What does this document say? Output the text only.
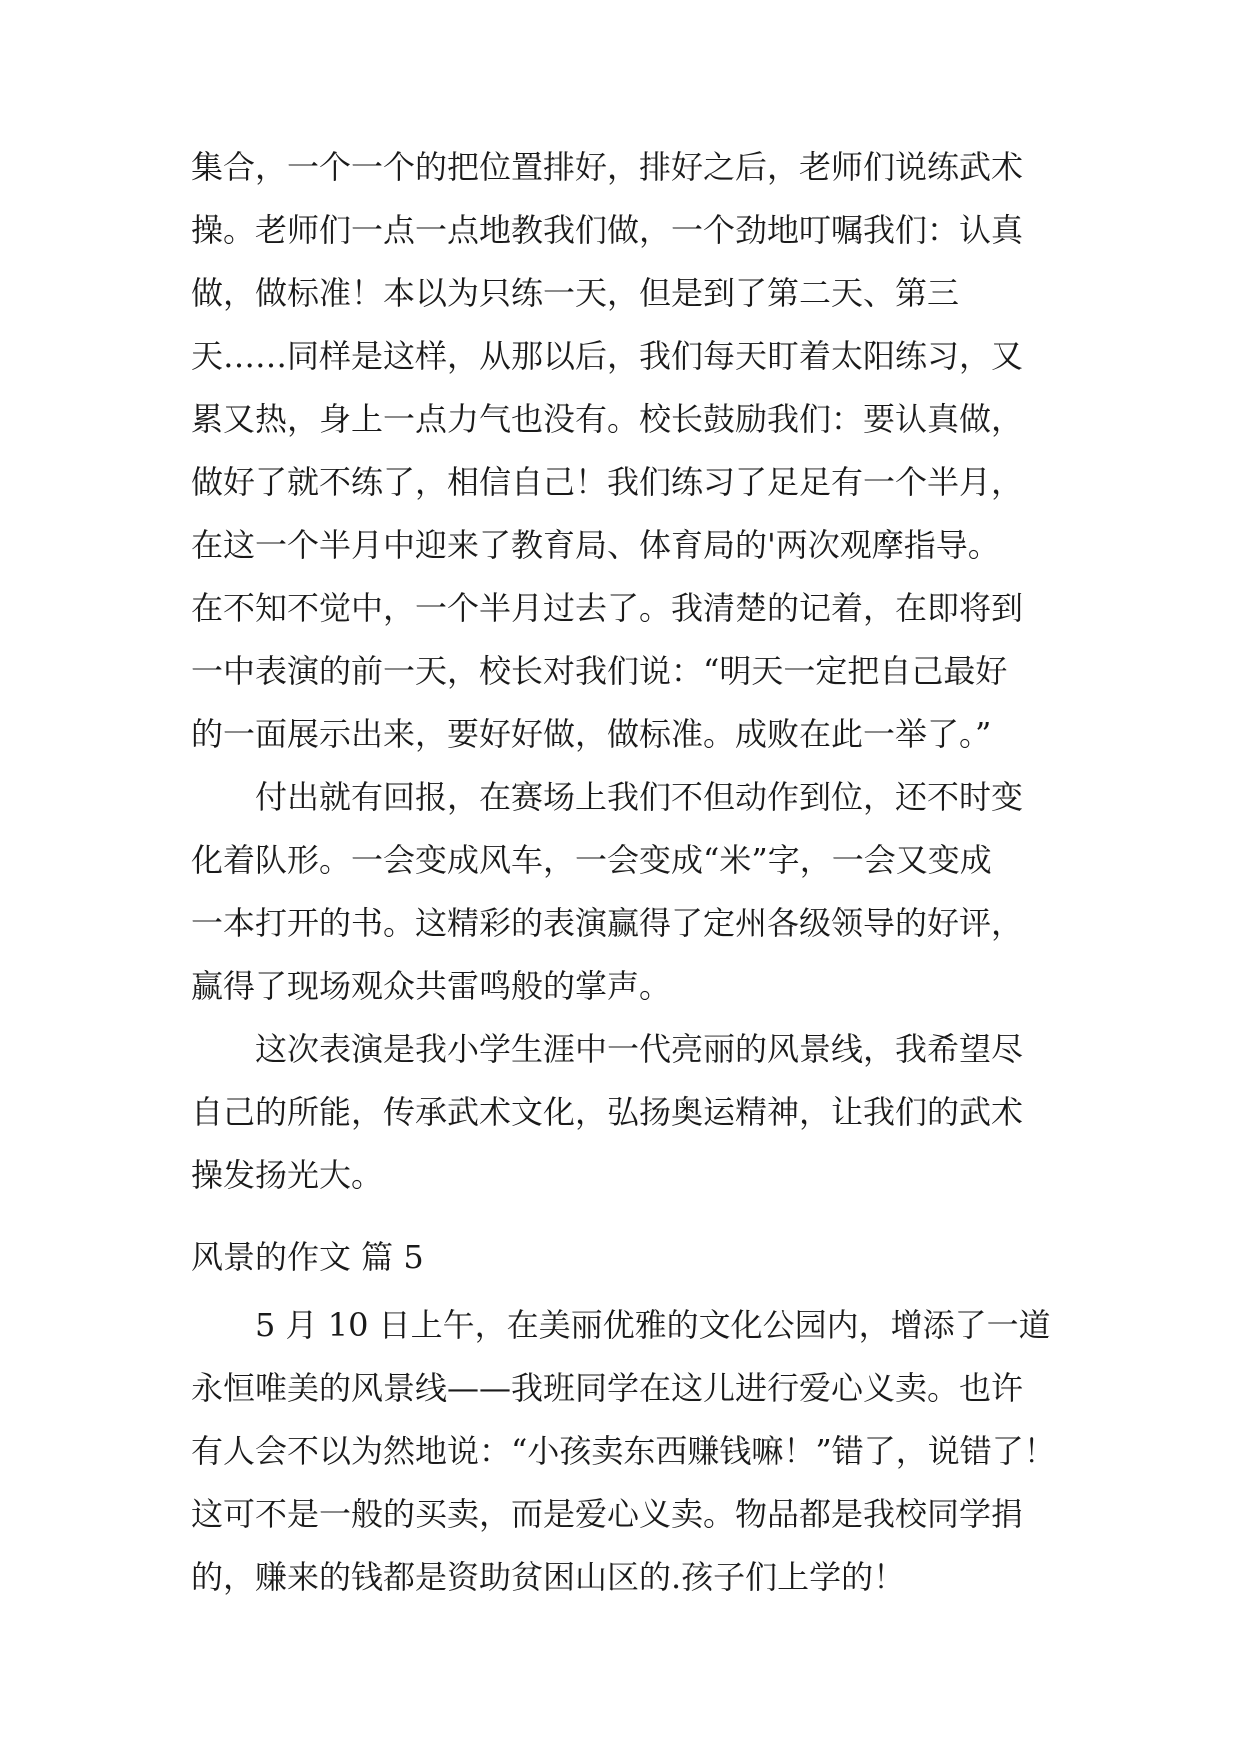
集合，一个一个的把位置排好，排好之后，老师们说练武术
操。老师们一点一点地教我们做，一个劲地叮嘱我们：认真
做，做标准！本以为只练一天，但是到了第二天、第三
天……同样是这样，从那以后，我们每天盯着太阳练习，又
累又热，身上一点力气也没有。校长鼓励我们：要认真做，
做好了就不练了，相信自己！我们练习了足足有一个半月，
在这一个半月中迎来了教育局、体育局的'两次观摩指导。
在不知不觉中，一个半月过去了。我清楚的记着，在即将到
一中表演的前一天，校长对我们说：“明天一定把自己最好
的一面展示出来，要好好做，做标准。成败在此一举了。”
　　付出就有回报，在赛场上我们不但动作到位，还不时变
化着队形。一会变成风车，一会变成“米”字，一会又变成
一本打开的书。这精彩的表演赢得了定州各级领导的好评，
赢得了现场观众共雷鸣般的掌声。
　　这次表演是我小学生涯中一代亮丽的风景线，我希望尽
自己的所能，传承武术文化，弘扬奥运精神，让我们的武术
操发扬光大。
风景的作文 篇 5
　　5 月 10 日上午，在美丽优雅的文化公园内，增添了一道
永恒唯美的风景线——我班同学在这儿进行爱心义卖。也许
有人会不以为然地说：“小孩卖东西赚钱嘛！”错了，说错了！
这可不是一般的买卖，而是爱心义卖。物品都是我校同学捐
的，赚来的钱都是资助贫困山区的.孩子们上学的！
